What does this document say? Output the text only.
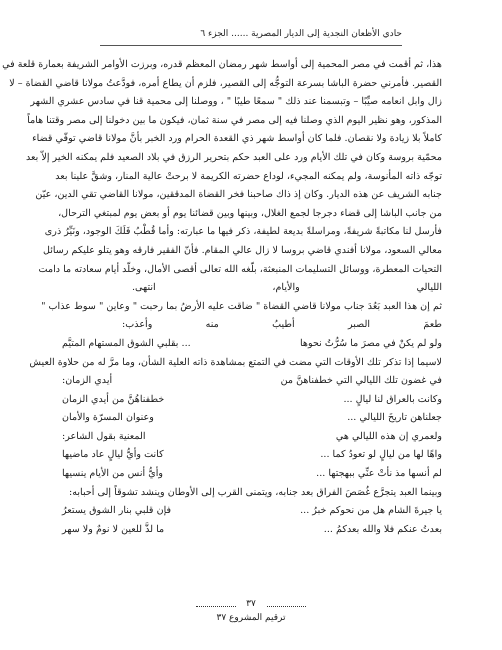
حادي الأظعان النجدية إلى الديار المصرية ...... الجزء ٦
هذا، ثم أقمت في مصر المحمية إلى أواسط شهر رمضان المعظم قدره، وبرزت الأوامر الشريفة بعمارة قلعة في
القصير. فأمرني حضرة الباشا بسرعة التوجُّه إلى القصير، فلزم أن يطاع أمره، فودَّعتُ مولانا قاضي القضاة – لا
زال وابل انعامه صيِّبًا – وتبسمنا عند ذلك " سمعًا طيبًا " ، ووصلنا إلى محمية قنا في سادس عشري الشهر
المذكور، وهو نظير اليوم الذي وصلنا فيه إلى مصر في سنة ثمان، فيكون ما بين دخولنا إلى مصر وقتنا هاماً
كاملاً بلا زيادة ولا نقصان. فلما كان أواسط شهر ذي القعدة الحرام ورد الخبر بأنَّ مولانا قاضي توفّي قضاء
محمّية بروسة وكان في تلك الأيام ورد على العبد حكم بتحرير الرزق في بلاد الصعيد فلم يمكنه الخير إلاّ بعد
توجّه ذاته المأنوسة، ولم يمكنه المجيء، لوداع حضرته الكريمة لا برحتْ عالية المنار، وشقَّ علينا بعد
جنابه الشريف عن هذه الديار. وكان إذ ذاك صاحبنا فخر القضاة المدققين، مولانا القاضي تقي الدين، عيّن
من جانب الباشا إلى قضاء دجرجا لجمع الغلال، وبينها وبين قضائنا يوم أو بعض يوم لمبتغي الترحال،
فأرسل لنا مكاتبةً شريفةً، ومراسلةً بديعة لطيفة، ذكر فيها ما عبارته: وأما قُطْبُ فَلَكَ الوجود، ونَيِّرُ ذرى
معالي السعود، مولانا أفندي قاضي بروسا لا زال عالي المقام. فأنّ الفقير فارقه وهو يتلو عليكم رسائل
التحيات المعطرة، ووسائل التسليمات المنبعثة، بلّغه الله تعالى أقصى الأمال، وخلّد أيام سعادته ما دامت
الليالي
والأيام،
انتهى.
ثم إن هذا العبد بَعُدَ جناب مولانا قاضي القضاة " ضاقت عليه الأرضُ بما رحبت " وعاين " سوط عذاب "
طعمَ
الصبر
أطيبُ
منه
وأعذب:
ولو لم يكنْ في مصرَ ما سُرُّتُ نحوها
... بقلبي الشوق المستهام المتيَّم
لاسيما إذا تذكر تلك الأوقات التي مضت في التمتع بمشاهدة ذاته العلية الشأن، وما مرَّ له من حلاوة العيش
في غضون تلك الليالي التي خطفناهنَّ من
أيدي الزمان:
وكانت بالعراق لنا ليالٍ ...
خطفناهُنَّ من أيدي الزمان
جعلناهن تاريخَ الليالي ...
وعنوان المسرّة والأمان
ولعمري إن هذه الليالي هي
المعنية بقول الشاعر:
واهًا لها من ليالٍ لو تعودُ كما ...
كانت وأيُّ ليالٍ عاد ماضيها
لم أنسها مذ نأتْ عنِّي ببهجتها ...
وأيُّ أنس من الأيام ينسيها
وبينما العبد يتجرَّع غُصَصَ الفراق بعد جنابه، ويتمنى القرب إلى الأوطان وينشد تشوقاً إلى أحبابه:
يا جيرةَ الشام هل من نحوكم خبرُ ...
فإن قلبي بنار الشوق يستعرُ
بعدتُ عنكم فلا والله بعدكمُ ...
ما لذَّ للعين لا نومٌ ولا سهر
٣٧
ترقيم المشروع ٣٧
